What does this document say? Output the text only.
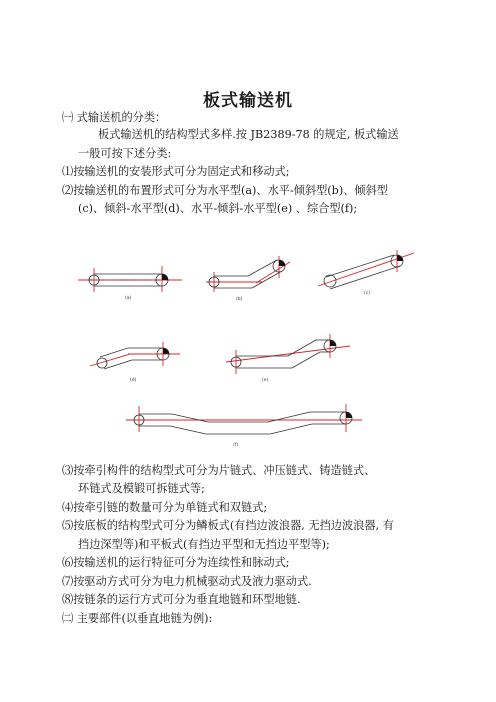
板式输送机
㈠ 式输送机的分类：
板式输送机的结构型式多样.按 JB2389-78 的规定, 板式输送
一般可按下述分类:
⑴按输送机的安装形式可分为固定式和移动式;
⑵按输送机的布置形式可分为水平型(a)、水平-倾斜型(b)、倾斜型
(c)、倾斜-水平型(d)、水平-倾斜-水平型(e) 、综合型(f);
(a)	(b)
(c)
(d)	(e)
(f)
⑶按牵引构件的结构型式可分为片链式、冲压链式、铸造链式、
环链式及模锻可拆链式等;
⑷按牵引链的数量可分为单链式和双链式;
⑸按底板的结构型式可分为鳞板式(有挡边波浪器, 无挡边波浪器, 有
挡边深型等)和平板式(有挡边平型和无挡边平型等);
⑹按输送机的运行特征可分为连续性和脉动式;
⑺按驱动方式可分为电力机械驱动式及液力驱动式.
⑻按链条的运行方式可分为垂直地链和环型地链.
㈡ 主要部件(以垂直地链为例):
